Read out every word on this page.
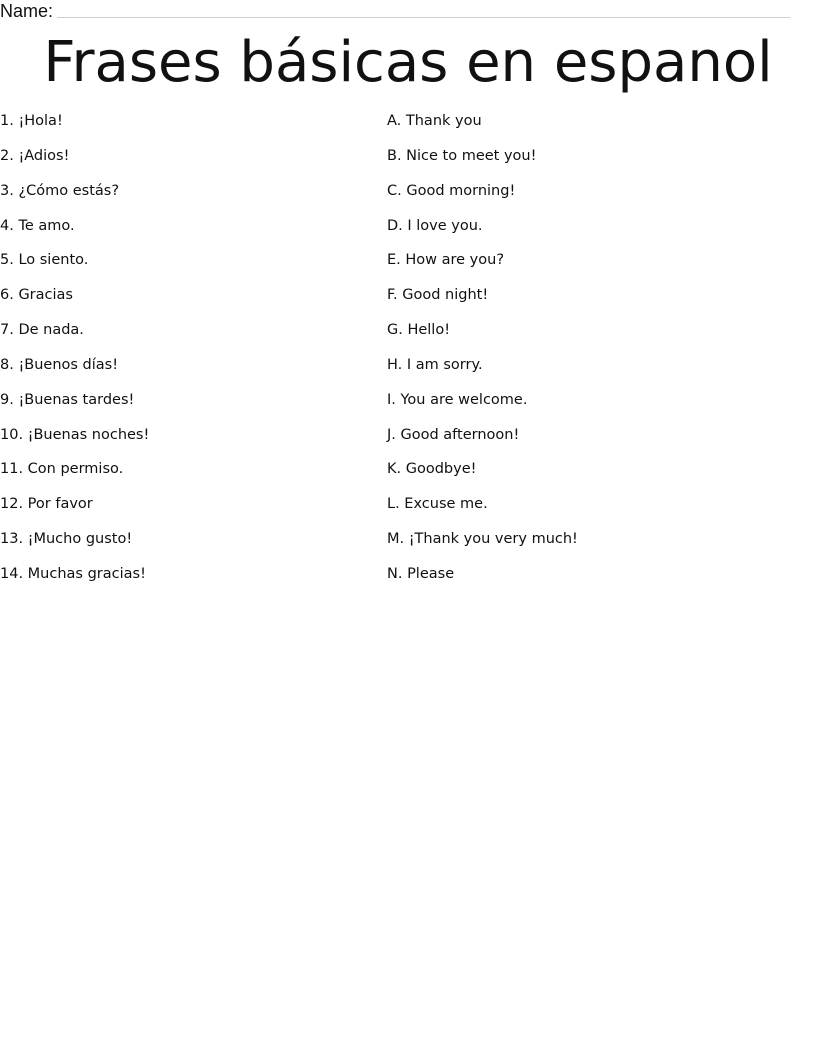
Name:
Frases básicas en espanol
1. ¡Hola!
2. ¡Adios!
3. ¿Cómo estás?
4. Te amo.
5. Lo siento.
6. Gracias
7. De nada.
8. ¡Buenos días!
9. ¡Buenas tardes!
10. ¡Buenas noches!
11. Con permiso.
12. Por favor
13. ¡Mucho gusto!
14. Muchas gracias!
A. Thank you
B. Nice to meet you!
C. Good morning!
D. I love you.
E. How are you?
F. Good night!
G. Hello!
H. I am sorry.
I. You are welcome.
J. Good afternoon!
K. Goodbye!
L. Excuse me.
M. ¡Thank you very much!
N. Please
